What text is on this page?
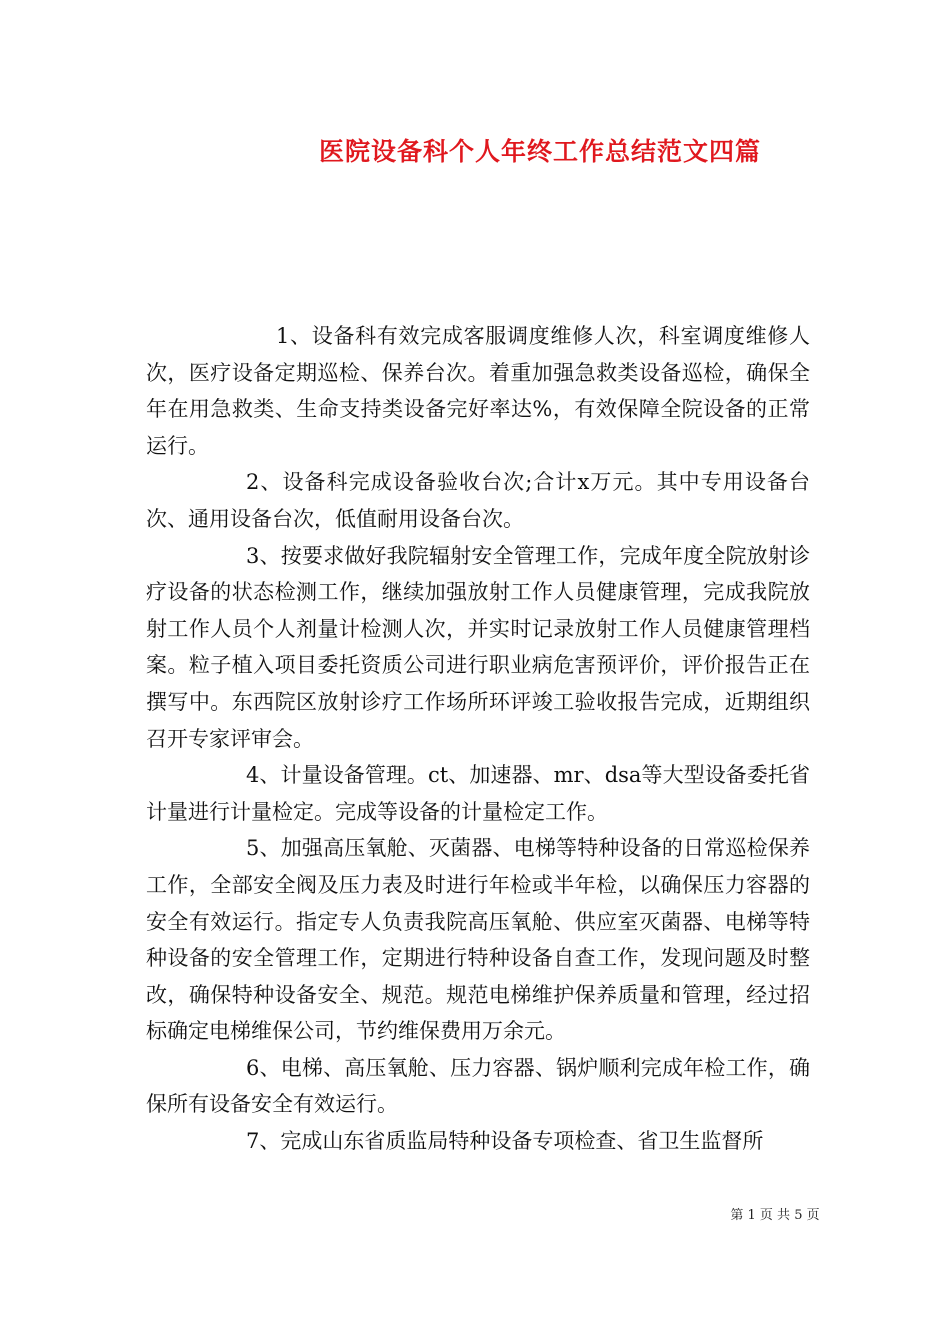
医院设备科个人年终工作总结范文四篇

1、设备科有效完成客服调度维修人次，科室调度维修人次，医疗设备定期巡检、保养台次。着重加强急救类设备巡检，确保全年在用急救类、生命支持类设备完好率达%，有效保障全院设备的正常运行。

2、设备科完成设备验收台次;合计x万元。其中专用设备台次、通用设备台次，低值耐用设备台次。

3、按要求做好我院辐射安全管理工作，完成年度全院放射诊疗设备的状态检测工作，继续加强放射工作人员健康管理，完成我院放射工作人员个人剂量计检测人次，并实时记录放射工作人员健康管理档案。粒子植入项目委托资质公司进行职业病危害预评价，评价报告正在撰写中。东西院区放射诊疗工作场所环评竣工验收报告完成，近期组织召开专家评审会。

4、计量设备管理。ct、加速器、mr、dsa等大型设备委托省计量进行计量检定。完成等设备的计量检定工作。

5、加强高压氧舱、灭菌器、电梯等特种设备的日常巡检保养工作，全部安全阀及压力表及时进行年检或半年检，以确保压力容器的安全有效运行。指定专人负责我院高压氧舱、供应室灭菌器、电梯等特种设备的安全管理工作，定期进行特种设备自查工作，发现问题及时整改，确保特种设备安全、规范。规范电梯维护保养质量和管理，经过招标确定电梯维保公司，节约维保费用万余元。

6、电梯、高压氧舱、压力容器、锅炉顺利完成年检工作，确保所有设备安全有效运行。

7、完成山东省质监局特种设备专项检查、省卫生监督所

第 1 页 共 5 页
